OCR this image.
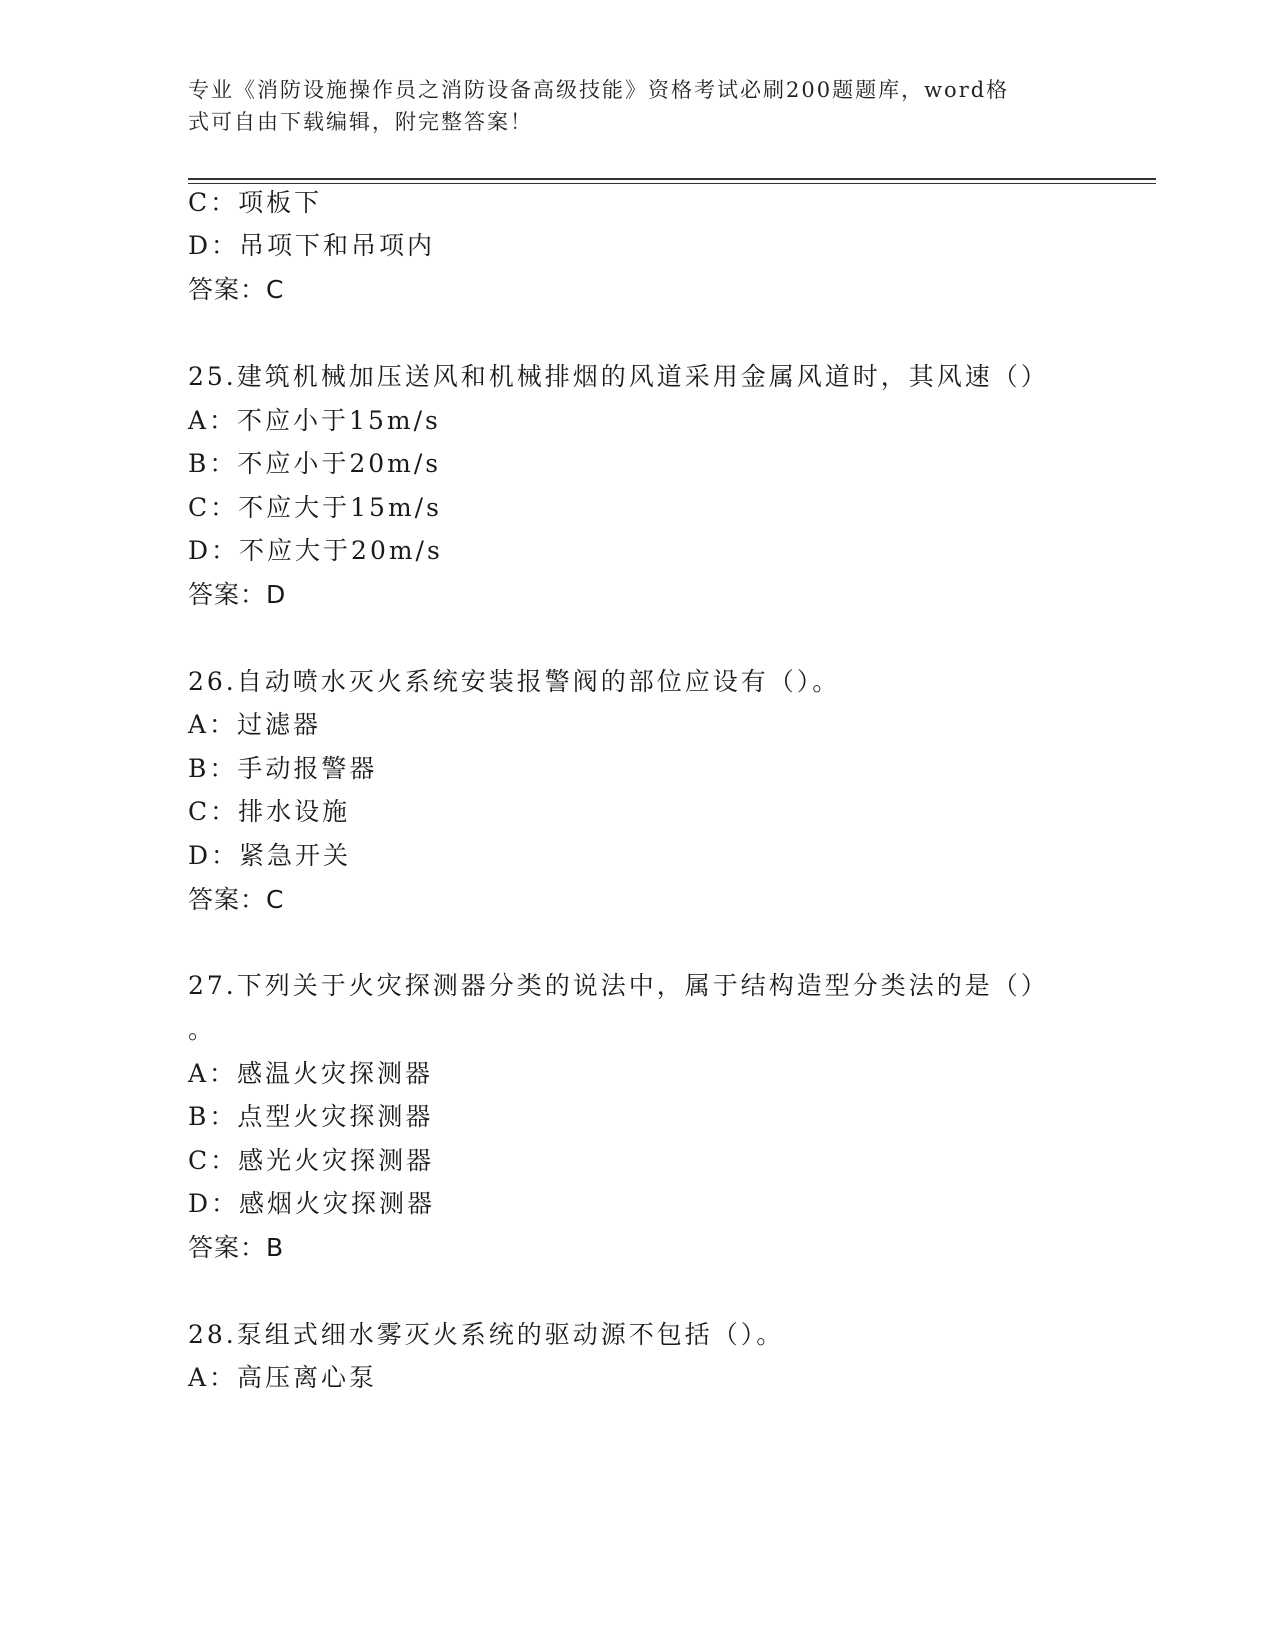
专业《消防设施操作员之消防设备高级技能》资格考试必刷200题题库，word格
式可自由下载编辑，附完整答案！
C：项板下
D：吊项下和吊项内
答案：C
25.建筑机械加压送风和机械排烟的风道采用金属风道时，其风速（）
A：不应小于15m/s
B：不应小于20m/s
C：不应大于15m/s
D：不应大于20m/s
答案：D
26.自动喷水灭火系统安装报警阀的部位应设有（）。
A：过滤器
B：手动报警器
C：排水设施
D：紧急开关
答案：C
27.下列关于火灾探测器分类的说法中，属于结构造型分类法的是（）
。
A：感温火灾探测器
B：点型火灾探测器
C：感光火灾探测器
D：感烟火灾探测器
答案：B
28.泵组式细水雾灭火系统的驱动源不包括（）。
A：高压离心泵
